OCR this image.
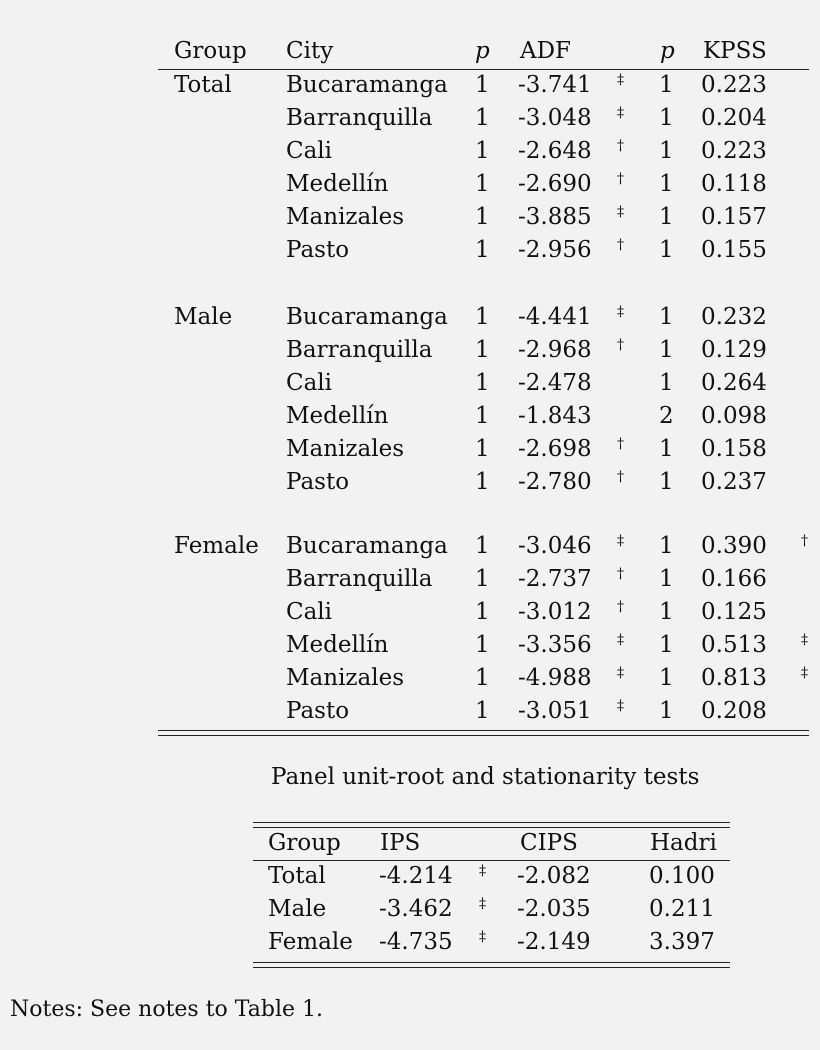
Group City	p ADF	p KPSS
Total Bucaramanga 1 -3.741 ‡ 1 0.223
Barranquilla 1 -3.048 ‡ 1 0.204
Cali	1 -2.648 † 1 0.223
Medellín	1 -2.690 † 1 0.118
Manizales	1 -3.885 ‡ 1 0.157
Pasto	1 -2.956 † 1 0.155
Male Bucaramanga 1 -4.441 ‡ 1 0.232
Barranquilla 1 -2.968 † 1 0.129
Cali	1 -2.478	1 0.264
Medellín	1 -1.843	2 0.098
Manizales	1 -2.698 † 1 0.158
Pasto	1 -2.780 † 1 0.237
Female Bucaramanga 1 -3.046 ‡ 1 0.390 †
Barranquilla 1 -2.737 † 1 0.166
Cali	1 -3.012 † 1 0.125
Medellín	1 -3.356 ‡ 1 0.513 ‡
Manizales	1 -4.988 ‡ 1 0.813 ‡
Pasto	1 -3.051 ‡ 1 0.208
Panel unit-root and stationarity tests
Group IPS	CIPS	Hadri
Total -4.214 ‡ -2.082	0.100
Male -3.462 ‡ -2.035	0.211
Female -4.735 ‡ -2.149	3.397
Notes: See notes to Table 1.
